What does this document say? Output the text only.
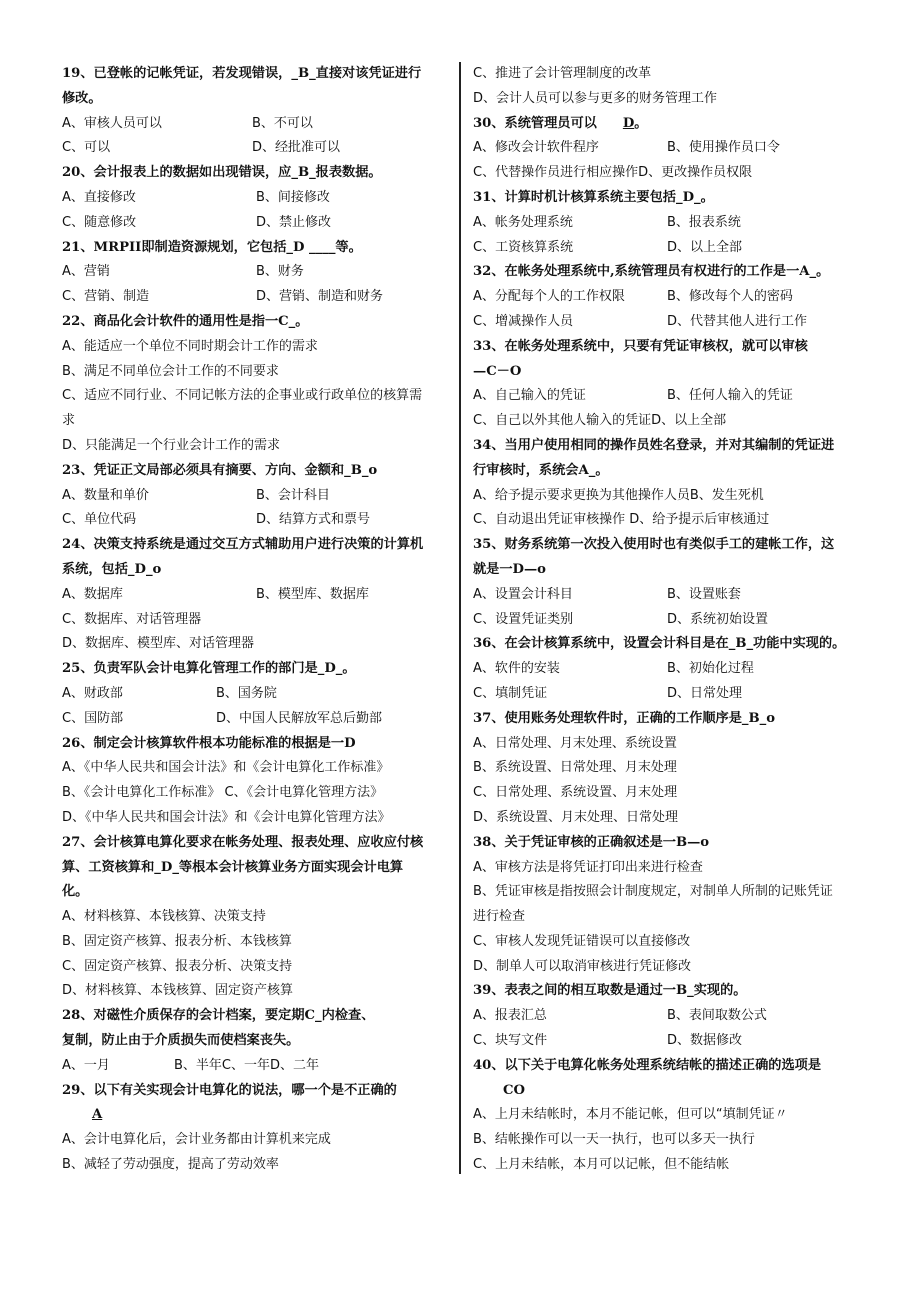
19、已登帐的记帐凭证，若发现错误，_B_直接对该凭证进行

修改。

A、审核人员可以	B、不可以
C、可以	D、经批准可以

20、会计报表上的数据如出现错误，应_B_报表数据。

A、直接修改	B、间接修改
C、随意修改	D、禁止修改

21、MRPII即制造资源规划，它包括_D ____等。

A、营销	B、财务
C、营销、制造	D、营销、制造和财务

22、商品化会计软件的通用性是指一C_。

A、能适应一个单位不同时期会计工作的需求

B、满足不同单位会计工作的不同要求

C、适应不同行业、不同记帐方法的企事业或行政单位的核算需

求

D、只能满足一个行业会计工作的需求

23、凭证正文局部必须具有摘要、方向、金额和_B_o

A、数量和单价	B、会计科目
C、单位代码	D、结算方式和票号

24、决策支持系统是通过交互方式辅助用户进行决策的计算机

系统，包括_D_o

A、数据库	B、模型库、数据库

C、数据库、对话管理器

D、数据库、模型库、对话管理器

25、负责军队会计电算化管理工作的部门是_D_。

A、财政部	B、国务院
C、国防部	D、中国人民解放军总后勤部

26、制定会计核算软件根本功能标准的根据是一D

A、《中华人民共和国会计法》和《会计电算化工作标准》

B、《会计电算化工作标准》 C、《会计电算化管理方法》

D、《中华人民共和国会计法》和《会计电算化管理方法》

27、会计核算电算化要求在帐务处理、报表处理、应收应付核

算、工资核算和_D_等根本会计核算业务方面实现会计电算

化。

A、材料核算、本钱核算、决策支持

B、固定资产核算、报表分析、本钱核算

C、固定资产核算、报表分析、决策支持

D、材料核算、本钱核算、固定资产核算

28、对磁性介质保存的会计档案，要定期C_内检查、

复制，防止由于介质损失而使档案丧失。

A、一月	B、半年C、一年D、二年

29、以下有关实现会计电算化的说法，哪一个是不正确的

A

A、会计电算化后，会计业务都由计算机来完成

B、减轻了劳动强度，提高了劳动效率

C、推进了会计管理制度的改革

D、会计人员可以参与更多的财务管理工作

30、系统管理员可以 D。

A、修改会计软件程序	B、使用操作员口令

C、代替操作员进行相应操作D、更改操作员权限

31、计算时机计核算系统主要包括_D_。

A、帐务处理系统	B、报表系统
C、工资核算系统	D、以上全部

32、在帐务处理系统中,系统管理员有权进行的工作是一A_。

A、分配每个人的工作权限	B、修改每个人的密码
C、增减操作人员	D、代替其他人进行工作

33、在帐务处理系统中，只要有凭证审核权，就可以审核

—C－O

A、自己输入的凭证	B、任何人输入的凭证

C、自己以外其他人输入的凭证D、以上全部

34、当用户使用相同的操作员姓名登录，并对其编制的凭证进

行审核时，系统会A_。

A、给予提示要求更换为其他操作人员B、发生死机

C、自动退出凭证审核操作 D、给予提示后审核通过

35、财务系统第一次投入使用时也有类似手工的建帐工作，这

就是一D—o

A、设置会计科目	B、设置账套
C、设置凭证类别	D、系统初始设置

36、在会计核算系统中，设置会计科目是在_B_功能中实现的。

A、软件的安装	B、初始化过程
C、填制凭证	D、日常处理

37、使用账务处理软件时，正确的工作顺序是_B_o

A、日常处理、月末处理、系统设置

B、系统设置、日常处理、月末处理

C、日常处理、系统设置、月末处理

D、系统设置、月末处理、日常处理

38、关于凭证审核的正确叙述是一B—o

A、审核方法是将凭证打印出来进行检查

B、凭证审核是指按照会计制度规定，对制单人所制的记账凭证

进行检查

C、审核人发现凭证错误可以直接修改

D、制单人可以取消审核进行凭证修改

39、表表之间的相互取数是通过一B_实现的。

A、报表汇总	B、表间取数公式
C、块写文件	D、数据修改

40、以下关于电算化帐务处理系统结帐的描述正确的选项是

CO

A、上月未结帐时，本月不能记帐，但可以“填制凭证〃

B、结帐操作可以一天一执行，也可以多天一执行

C、上月未结帐，本月可以记帐，但不能结帐
